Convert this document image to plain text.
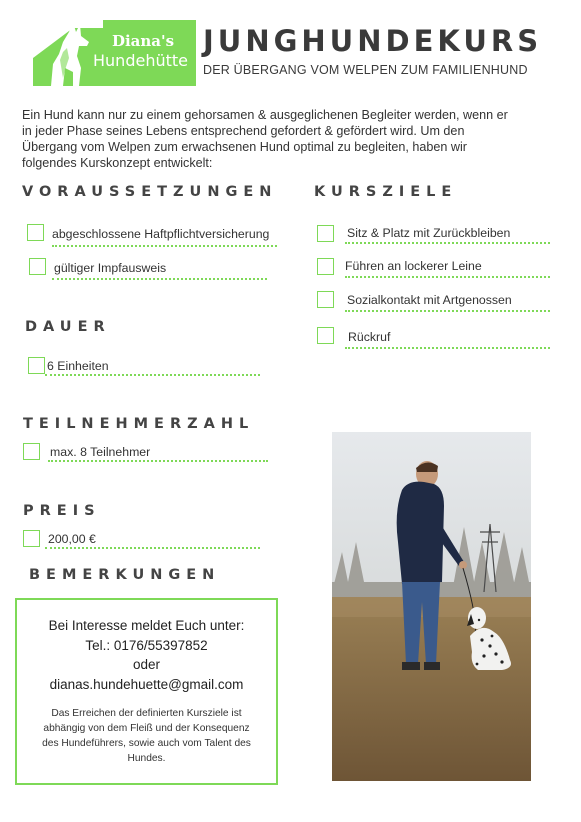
Diana's
Hundehütte
JUNGHUNDEKURS
DER ÜBERGANG VOM WELPEN ZUM FAMILIENHUND
Ein Hund kann nur zu einem gehorsamen & ausgeglichenen Begleiter werden, wenn er
in jeder Phase seines Lebens entsprechend gefordert & gefördert wird. Um den
Übergang vom Welpen zum erwachsenen Hund optimal zu begleiten, haben wir
folgendes Kurskonzept entwickelt:
VORAUSSETZUNGEN
abgeschlossene Haftpflichtversicherung
gültiger Impfausweis
KURSZIELE
Sitz & Platz mit Zurückbleiben
Führen an lockerer Leine
Sozialkontakt mit Artgenossen
Rückruf
DAUER
6 Einheiten
TEILNEHMERZAHL
max. 8 Teilnehmer
PREIS
200,00 €
BEMERKUNGEN
Bei Interesse meldet Euch unter:
Tel.: 0176/55397852
oder
dianas.hundehuette@gmail.com
Das Erreichen der definierten Kursziele ist
abhängig von dem Fleiß und der Konsequenz
des Hundeführers, sowie auch vom Talent des
Hundes.
